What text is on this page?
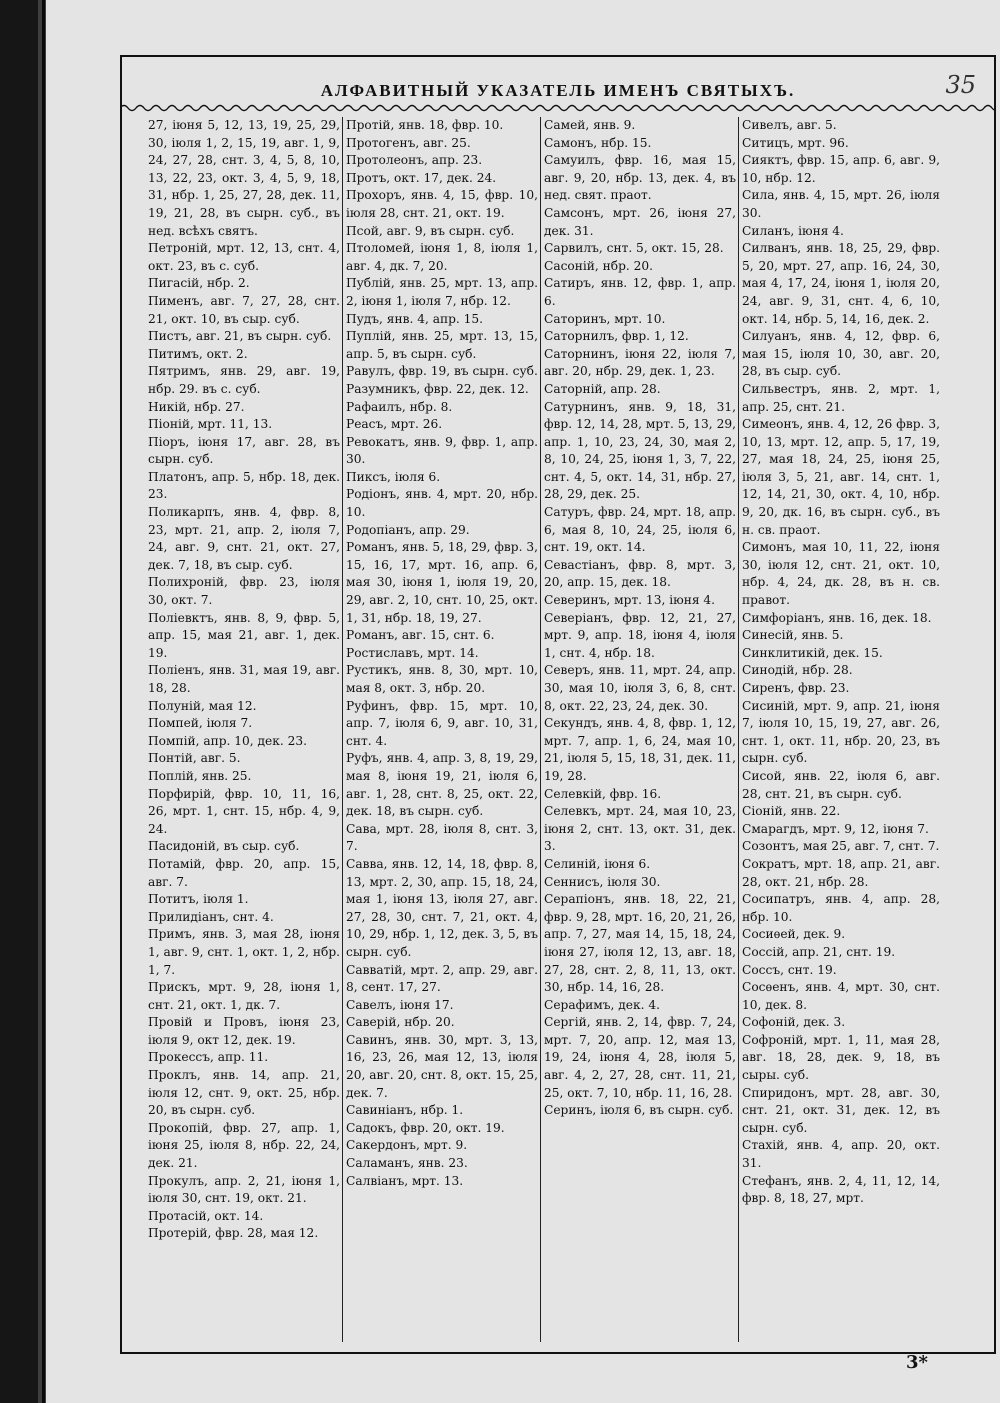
АЛФАВИТНЫЙ УКАЗАТЕЛЬ ИМЕНЪ СВЯТЫХЪ.	35

27, іюня 5, 12, 13, 19, 25, 29, 30, іюля 1, 2, 15, 19, авг. 1, 9, 24, 27, 28, снт. 3, 4, 5, 8, 10, 13, 22, 23, окт. 3, 4, 5, 9, 18, 31, нбр. 1, 25, 27, 28, дек. 11, 19, 21, 28, въ сырн. суб., въ нед. всѣхъ святъ.

Петроній, мрт. 12, 13, снт. 4, окт. 23, въ с. суб.

Пигасій, нбр. 2.

Пименъ, авг. 7, 27, 28, снт. 21, окт. 10, въ сыр. суб.

Пистъ, авг. 21, въ сырн. суб.

Питимъ, окт. 2.

Пятримъ, янв. 29, авг. 19, нбр. 29. въ с. суб.

Никій, нбр. 27.

Піоній, мрт. 11, 13.

Піоръ, іюня 17, авг. 28, въ сырн. суб.

Платонъ, апр. 5, нбр. 18, дек. 23.

Поликарпъ, янв. 4, фвр. 8, 23, мрт. 21, апр. 2, іюля 7, 24, авг. 9, снт. 21, окт. 27, дек. 7, 18, въ сыр. суб.

Полихроній, фвр. 23, іюля 30, окт. 7.

Поліевктъ, янв. 8, 9, фвр. 5, апр. 15, мая 21, авг. 1, дек. 19.

Поліенъ, янв. 31, мая 19, авг. 18, 28.

Полуній, мая 12.

Помпей, іюля 7.

Помпій, апр. 10, дек. 23.

Понтій, авг. 5.

Поплій, янв. 25.

Порфирій, фвр. 10, 11, 16, 26, мрт. 1, снт. 15, нбр. 4, 9, 24.

Пасидоній, въ сыр. суб.

Потамій, фвр. 20, апр. 15, авг. 7.

Потитъ, іюля 1.

Прилидіанъ, снт. 4.

Примъ, янв. 3, мая 28, іюня 1, авг. 9, снт. 1, окт. 1, 2, нбр. 1, 7.

Прискъ, мрт. 9, 28, іюня 1, снт. 21, окт. 1, дк. 7.

Провій и Провъ, іюня 23, іюля 9, окт 12, дек. 19.

Прокессъ, апр. 11.

Проклъ, янв. 14, апр. 21, іюля 12, снт. 9, окт. 25, нбр. 20, въ сырн. суб.

Прокопій, фвр. 27, апр. 1, іюня 25, іюля 8, нбр. 22, 24, дек. 21.

Прокулъ, апр. 2, 21, іюня 1, іюля 30, снт. 19, окт. 21.

Протасій, окт. 14.

Протерій, фвр. 28, мая 12.

Протій, янв. 18, фвр. 10.

Протогенъ, авг. 25.

Протолеонъ, апр. 23.

Протъ, окт. 17, дек. 24.

Прохоръ, янв. 4, 15, фвр. 10, іюля 28, снт. 21, окт. 19.

Псой, авг. 9, въ сырн. суб.

Птоломей, іюня 1, 8, іюля 1, авг. 4, дк. 7, 20.

Публій, янв. 25, мрт. 13, апр. 2, іюня 1, іюля 7, нбр. 12.

Пудъ, янв. 4, апр. 15.

Пуплій, янв. 25, мрт. 13, 15, апр. 5, въ сырн. суб.

Равулъ, фвр. 19, въ сырн. суб.

Разумникъ, фвр. 22, дек. 12.

Рафаилъ, нбр. 8.

Реасъ, мрт. 26.

Ревокатъ, янв. 9, фвр. 1, апр. 30.

Пиксъ, іюля 6.

Родіонъ, янв. 4, мрт. 20, нбр. 10.

Родопіанъ, апр. 29.

Романъ, янв. 5, 18, 29, фвр. 3, 15, 16, 17, мрт. 16, апр. 6, мая 30, іюня 1, іюля 19, 20, 29, авг. 2, 10, снт. 10, 25, окт. 1, 31, нбр. 18, 19, 27.

Романъ, авг. 15, снт. 6.

Ростиславъ, мрт. 14.

Рустикъ, янв. 8, 30, мрт. 10, мая 8, окт. 3, нбр. 20.

Руфинъ, фвр. 15, мрт. 10, апр. 7, іюля 6, 9, авг. 10, 31, снт. 4.

Руфъ, янв. 4, апр. 3, 8, 19, 29, мая 8, іюня 19, 21, іюля 6, авг. 1, 28, снт. 8, 25, окт. 22, дек. 18, въ сырн. суб.

Сава, мрт. 28, іюля 8, снт. 3, 7.

Савва, янв. 12, 14, 18, фвр. 8, 13, мрт. 2, 30, апр. 15, 18, 24, мая 1, іюня 13, іюля 27, авг. 27, 28, 30, снт. 7, 21, окт. 4, 10, 29, нбр. 1, 12, дек. 3, 5, въ сырн. суб.

Савватій, мрт. 2, апр. 29, авг. 8, сент. 17, 27.

Савелъ, іюня 17.

Саверій, нбр. 20.

Савинъ, янв. 30, мрт. 3, 13, 16, 23, 26, мая 12, 13, іюля 20, авг. 20, снт. 8, окт. 15, 25, дек. 7.

Савиніанъ, нбр. 1.

Садокъ, фвр. 20, окт. 19.

Сакердонъ, мрт. 9.

Саламанъ, янв. 23.

Салвіанъ, мрт. 13.

Самей, янв. 9.

Самонъ, нбр. 15.

Самуилъ, фвр. 16, мая 15, авг. 9, 20, нбр. 13, дек. 4, въ нед. свят. праот.

Самсонъ, мрт. 26, іюня 27, дек. 31.

Сарвилъ, снт. 5, окт. 15, 28.

Сасоній, нбр. 20.

Сатиръ, янв. 12, фвр. 1, апр. 6.

Саторинъ, мрт. 10.

Саторнилъ, фвр. 1, 12.

Саторнинъ, іюня 22, іюля 7, авг. 20, нбр. 29, дек. 1, 23.

Саторній, апр. 28.

Сатурнинъ, янв. 9, 18, 31, фвр. 12, 14, 28, мрт. 5, 13, 29, апр. 1, 10, 23, 24, 30, мая 2, 8, 10, 24, 25, іюня 1, 3, 7, 22, снт. 4, 5, окт. 14, 31, нбр. 27, 28, 29, дек. 25.

Сатуръ, фвр. 24, мрт. 18, апр. 6, мая 8, 10, 24, 25, іюля 6, снт. 19, окт. 14.

Севастіанъ, фвр. 8, мрт. 3, 20, апр. 15, дек. 18.

Северинъ, мрт. 13, іюня 4.

Северіанъ, фвр. 12, 21, 27, мрт. 9, апр. 18, іюня 4, іюля 1, снт. 4, нбр. 18.

Северъ, янв. 11, мрт. 24, апр. 30, мая 10, іюля 3, 6, 8, снт. 8, окт. 22, 23, 24, дек. 30.

Секундъ, янв. 4, 8, фвр. 1, 12, мрт. 7, апр. 1, 6, 24, мая 10, 21, іюля 5, 15, 18, 31, дек. 11, 19, 28.

Селевкій, фвр. 16.

Селевкъ, мрт. 24, мая 10, 23, іюня 2, снт. 13, окт. 31, дек. 3.

Селиній, іюня 6.

Сеннисъ, іюля 30.

Серапіонъ, янв. 18, 22, 21, фвр. 9, 28, мрт. 16, 20, 21, 26, апр. 7, 27, мая 14, 15, 18, 24, іюня 27, іюля 12, 13, авг. 18, 27, 28, снт. 2, 8, 11, 13, окт. 30, нбр. 14, 16, 28.

Серафимъ, дек. 4.

Сергій, янв. 2, 14, фвр. 7, 24, мрт. 7, 20, апр. 12, мая 13, 19, 24, іюня 4, 28, іюля 5, авг. 4, 2, 27, 28, снт. 11, 21, 25, окт. 7, 10, нбр. 11, 16, 28.

Серинъ, іюля 6, въ сырн. суб.

Сивелъ, авг. 5.

Ситицъ, мрт. 96.

Сияктъ, фвр. 15, апр. 6, авг. 9, 10, нбр. 12.

Сила, янв. 4, 15, мрт. 26, іюля 30.

Силанъ, іюня 4.

Силванъ, янв. 18, 25, 29, фвр. 5, 20, мрт. 27, апр. 16, 24, 30, мая 4, 17, 24, іюня 1, іюля 20, 24, авг. 9, 31, снт. 4, 6, 10, окт. 14, нбр. 5, 14, 16, дек. 2.

Силуанъ, янв. 4, 12, фвр. 6, мая 15, іюля 10, 30, авг. 20, 28, въ сыр. суб.

Сильвестръ, янв. 2, мрт. 1, апр. 25, снт. 21.

Симеонъ, янв. 4, 12, 26 фвр. 3, 10, 13, мрт. 12, апр. 5, 17, 19, 27, мая 18, 24, 25, іюня 25, іюля 3, 5, 21, авг. 14, снт. 1, 12, 14, 21, 30, окт. 4, 10, нбр. 9, 20, дк. 16, въ сырн. суб., въ н. св. праот.

Симонъ, мая 10, 11, 22, іюня 30, іюля 12, снт. 21, окт. 10, нбр. 4, 24, дк. 28, въ н. св. правот.

Симфоріанъ, янв. 16, дек. 18.

Синесій, янв. 5.

Синклитикій, дек. 15.

Синодій, нбр. 28.

Сиренъ, фвр. 23.

Сисиній, мрт. 9, апр. 21, іюня 7, іюля 10, 15, 19, 27, авг. 26, снт. 1, окт. 11, нбр. 20, 23, въ сырн. суб.

Сисой, янв. 22, іюля 6, авг. 28, снт. 21, въ сырн. суб.

Сіоній, янв. 22.

Смарагдъ, мрт. 9, 12, іюня 7.

Созонтъ, мая 25, авг. 7, снт. 7.

Сократъ, мрт. 18, апр. 21, авг. 28, окт. 21, нбр. 28.

Сосипатръ, янв. 4, апр. 28, нбр. 10.

Сосиѳей, дек. 9.

Соссій, апр. 21, снт. 19.

Соссъ, снт. 19.

Сосѳенъ, янв. 4, мрт. 30, снт. 10, дек. 8.

Софоній, дек. 3.

Софроній, мрт. 1, 11, мая 28, авг. 18, 28, дек. 9, 18, въ сыры. суб.

Спиридонъ, мрт. 28, авг. 30, снт. 21, окт. 31, дек. 12, въ сырн. суб.

Стахій, янв. 4, апр. 20, окт. 31.

Стефанъ, янв. 2, 4, 11, 12, 14, фвр. 8, 18, 27, мрт.

3*
